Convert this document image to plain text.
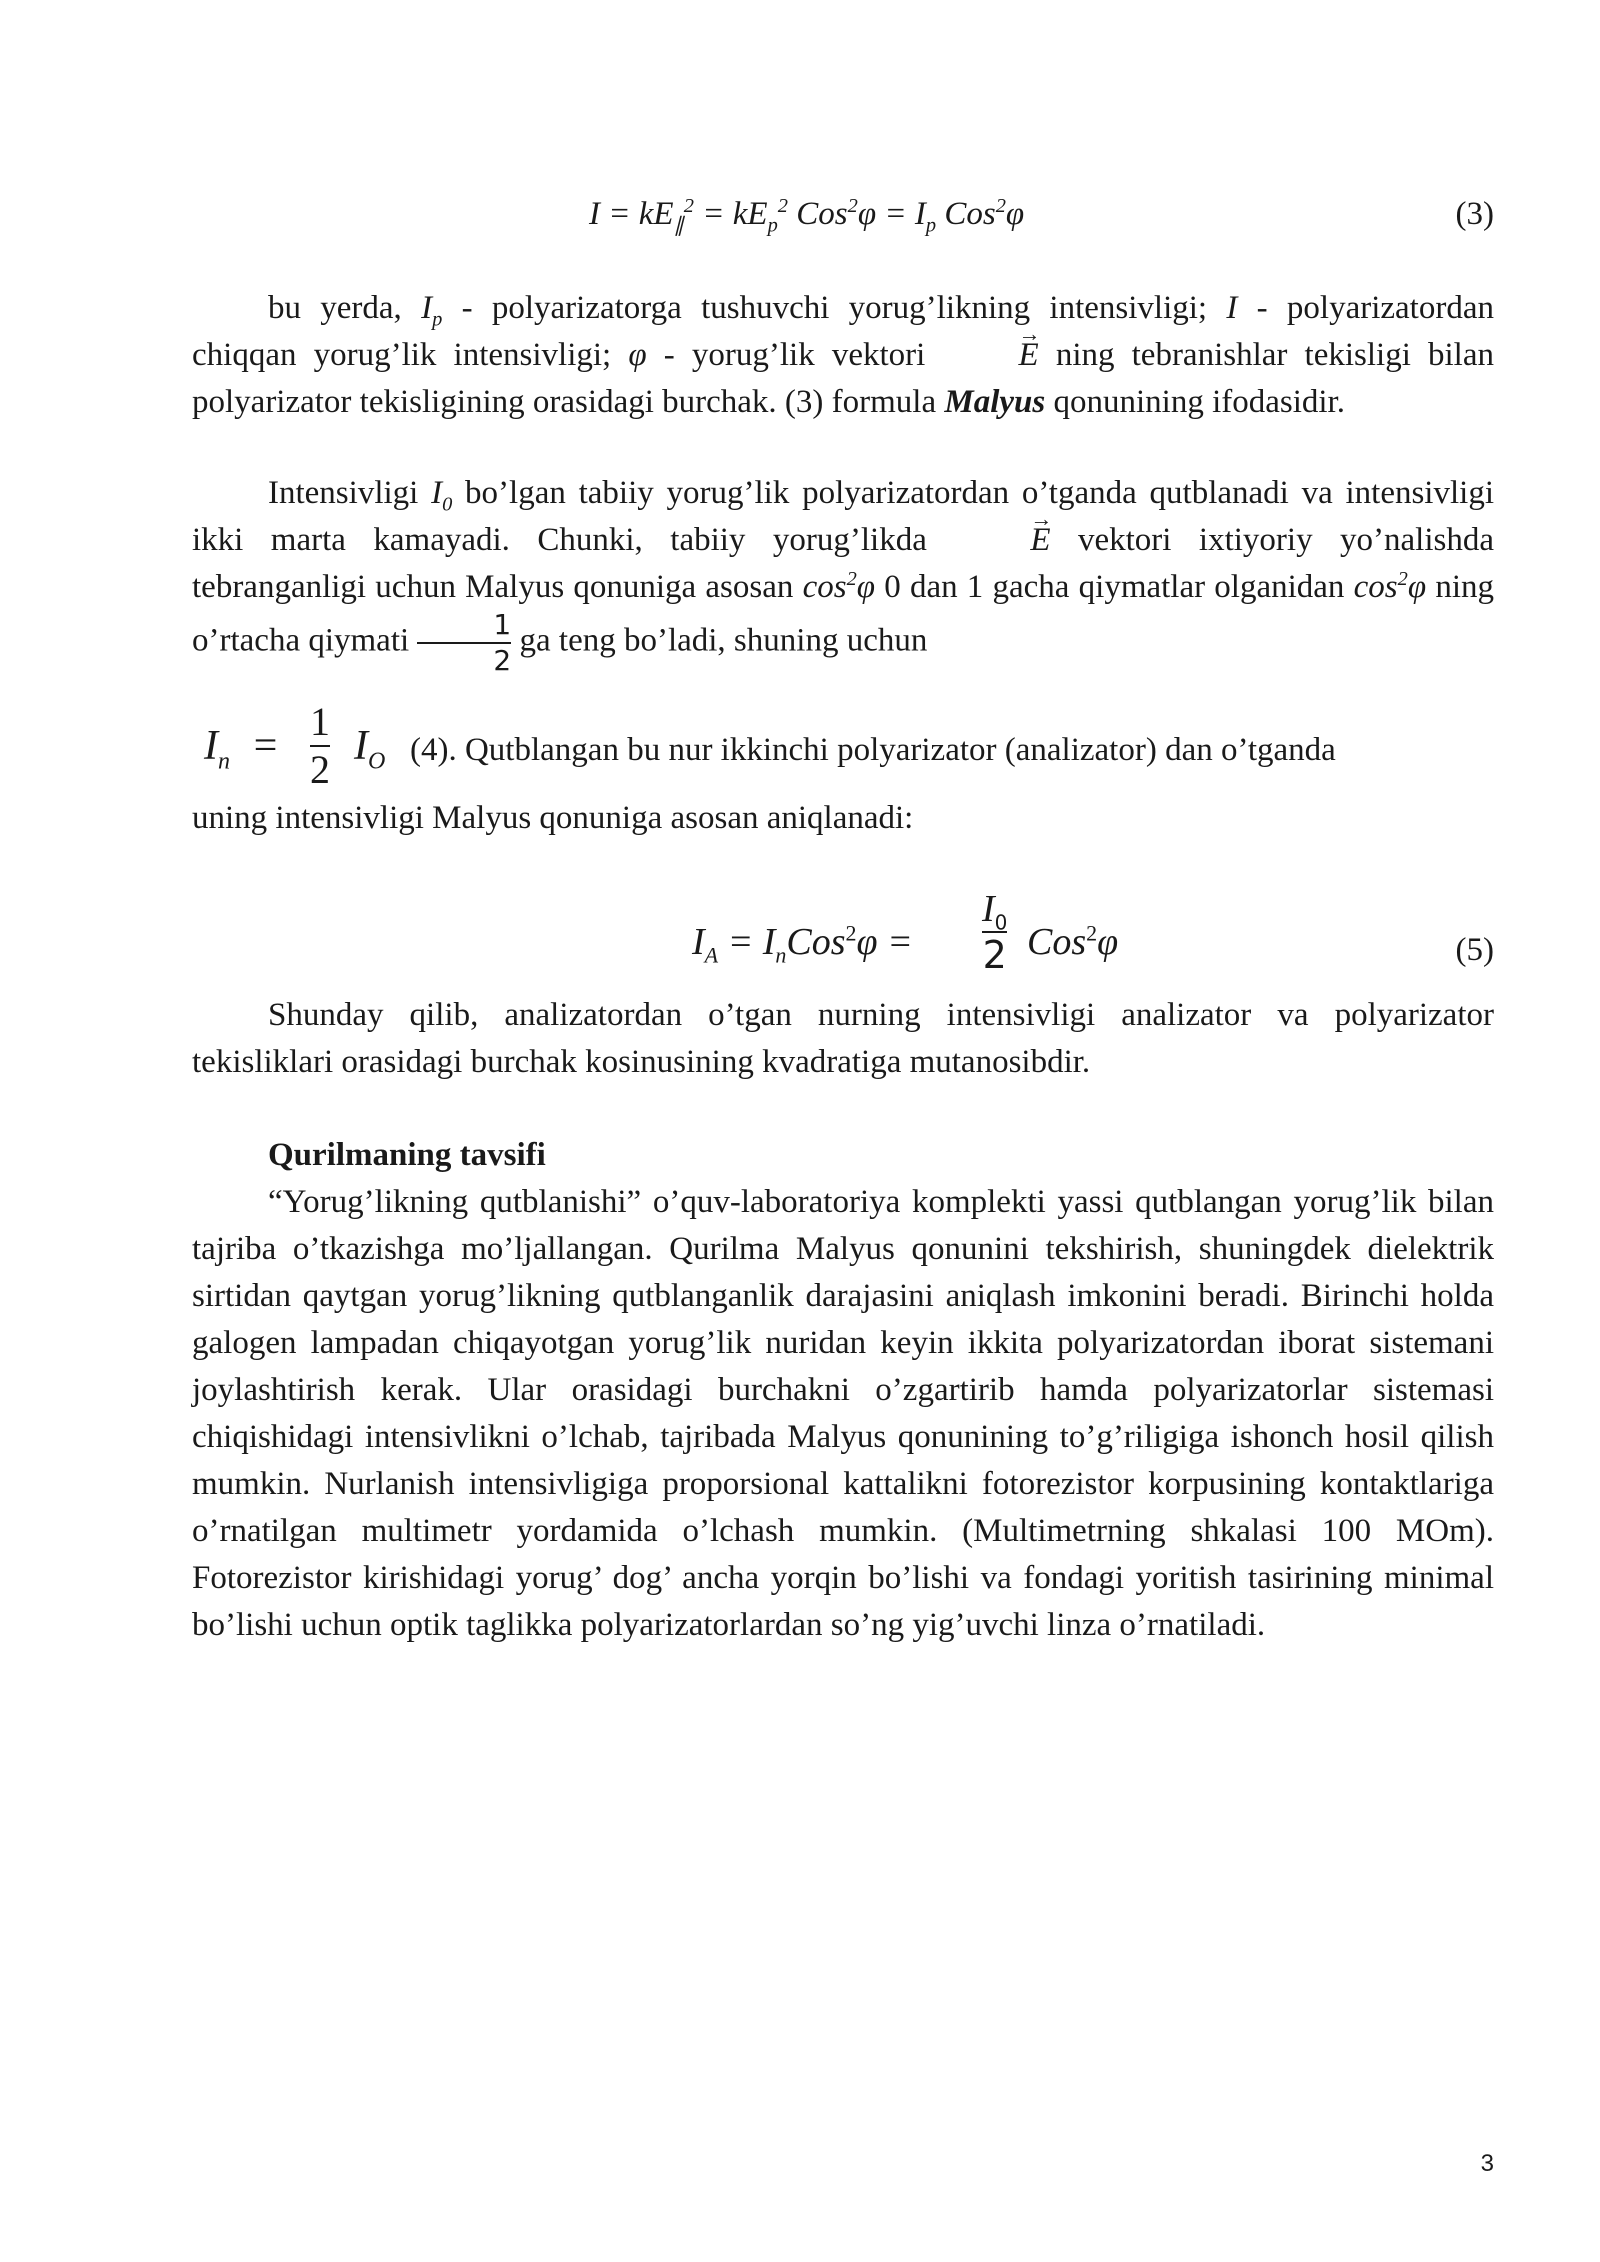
$I = kE_\parallel^2 = kE_p^2$ $Cos^2\varphi = I_p$ Cos$^2$φ	(3)

bu yerda, $I_p$ - polyarizatorga tushuvchi yorug’likning intensivligi; I - polyarizatordan chiqqan yorug’lik intensivligi; φ - yorug’lik vektori → E ning tebranishlar tekisligi bilan polyarizator tekisligining orasidagi burchak. (3) formula Malyus qonunining ifodasidir.

Intensivligi $I_0$ bo’lgan tabiiy yorug’lik polyarizatordan o’tganda qutblanadi va intensivligi ikki marta kamayadi. Chunki, tabiiy yorug’likda → E vektori ixtiyoriy yo’nalishda tebranganligi uchun Malyus qonuniga asosan $\cos^2\varphi$ 0 dan 1 gacha qiymatlar olganidan $\cos^2\varphi$ ning o’rtacha qiymati $\frac{1}{2}$ ga teng bo’ladi, shuning uchun

$I_n$  =
1
2
$I_O$ (4). Qutblangan bu nur ikkinchi polyarizator (analizator) dan o’tganda
uning intensivligi Malyus qonuniga asosan aniqlanadi:
$I_A = I_nCos^2\varphi$ =
$I_0$
2 Cos$^2$φ	(5)

Shunday qilib, analizatordan o’tgan nurning intensivligi analizator va polyarizator tekisliklari orasidagi burchak kosinusining kvadratiga mutanosibdir.

Qurilmaning tavsifi

“Yorug’likning qutblanishi” o’quv-laboratoriya komplekti yassi qutblangan yorug’lik bilan tajriba o’tkazishga mo’ljallangan. Qurilma Malyus qonunini tekshirish, shuningdek dielektrik sirtidan qaytgan yorug’likning qutblanganlik darajasini aniqlash imkonini beradi. Birinchi holda galogen lampadan chiqayotgan yorug’lik nuridan keyin ikkita polyarizatordan iborat sistemani joylashtirish kerak. Ular orasidagi burchakni o’zgartirib hamda polyarizatorlar sistemasi chiqishidagi intensivlikni o’lchab, tajribada Malyus qonunining to’g’riligiga ishonch hosil qilish mumkin. Nurlanish intensivligiga proporsional kattalikni fotorezistor korpusining kontaktlariga o’rnatilgan multimetr yordamida o’lchash mumkin. (Multimetrning shkalasi 100 MOm). Fotorezistor kirishidagi yorug’ dog’ ancha yorqin bo’lishi va fondagi yoritish tasirining minimal bo’lishi uchun optik taglikka polyarizatorlardan so’ng yig’uvchi linza o’rnatiladi.

3
